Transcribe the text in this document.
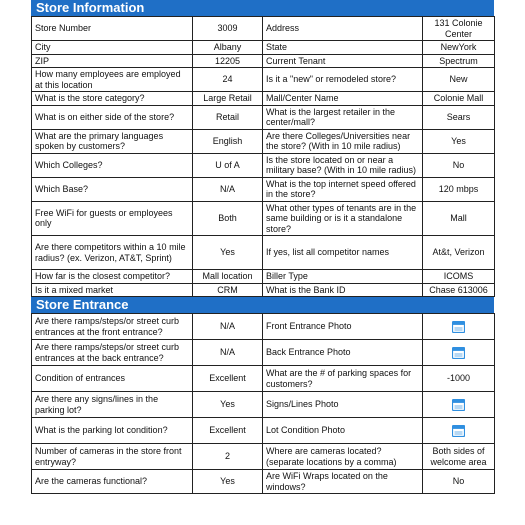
Store Information
Store Number	3009	Address	131 Colonie Center
City	Albany	State	NewYork
ZIP	12205	Current Tenant	Spectrum
How many employees are employed at this location	24	Is it a "new" or remodeled store?	New
What is the store category?	Large Retail	Mall/Center Name	Colonie Mall
What is on either side of the store?	Retail	What is the largest retailer in the center/mall?	Sears
What are the primary languages spoken by customers?	English	Are there Colleges/Universities near the store? (With in 10 mile radius)	Yes
Which Colleges?	U of A	Is the store located on or near a military base? (With in 10 mile radius)	No
Which Base?	N/A	What is the top internet speed offered in the store?	120 mbps
Free WiFi for guests or employees only	Both	What other types of tenants are in the same building or is it a standalone store?	Mall
Are there competitors within a 10 mile radius? (ex. Verizon, AT&T, Sprint)	Yes	If yes, list all competitor names	At&t, Verizon
How far is the closest competitor?	Mall location	Biller Type	ICOMS
Is it a mixed market	CRM	What is the Bank ID	Chase 613006
Store Entrance
Are there ramps/steps/or street curb entrances at the front entrance?	N/A	Front Entrance Photo	
Are there ramps/steps/or street curb entrances at the back entrance?	N/A	Back Entrance Photo	
Condition of entrances	Excellent	What are the # of parking spaces for customers?	-1000
Are there any signs/lines in the parking lot?	Yes	Signs/Lines Photo	
What is the parking lot condition?	Excellent	Lot Condition Photo	
Number of cameras in the store front entryway?	2	Where are cameras located? (separate locations by a comma)	Both sides of welcome area
Are the cameras functional?	Yes	Are WiFi Wraps located on the windows?	No
